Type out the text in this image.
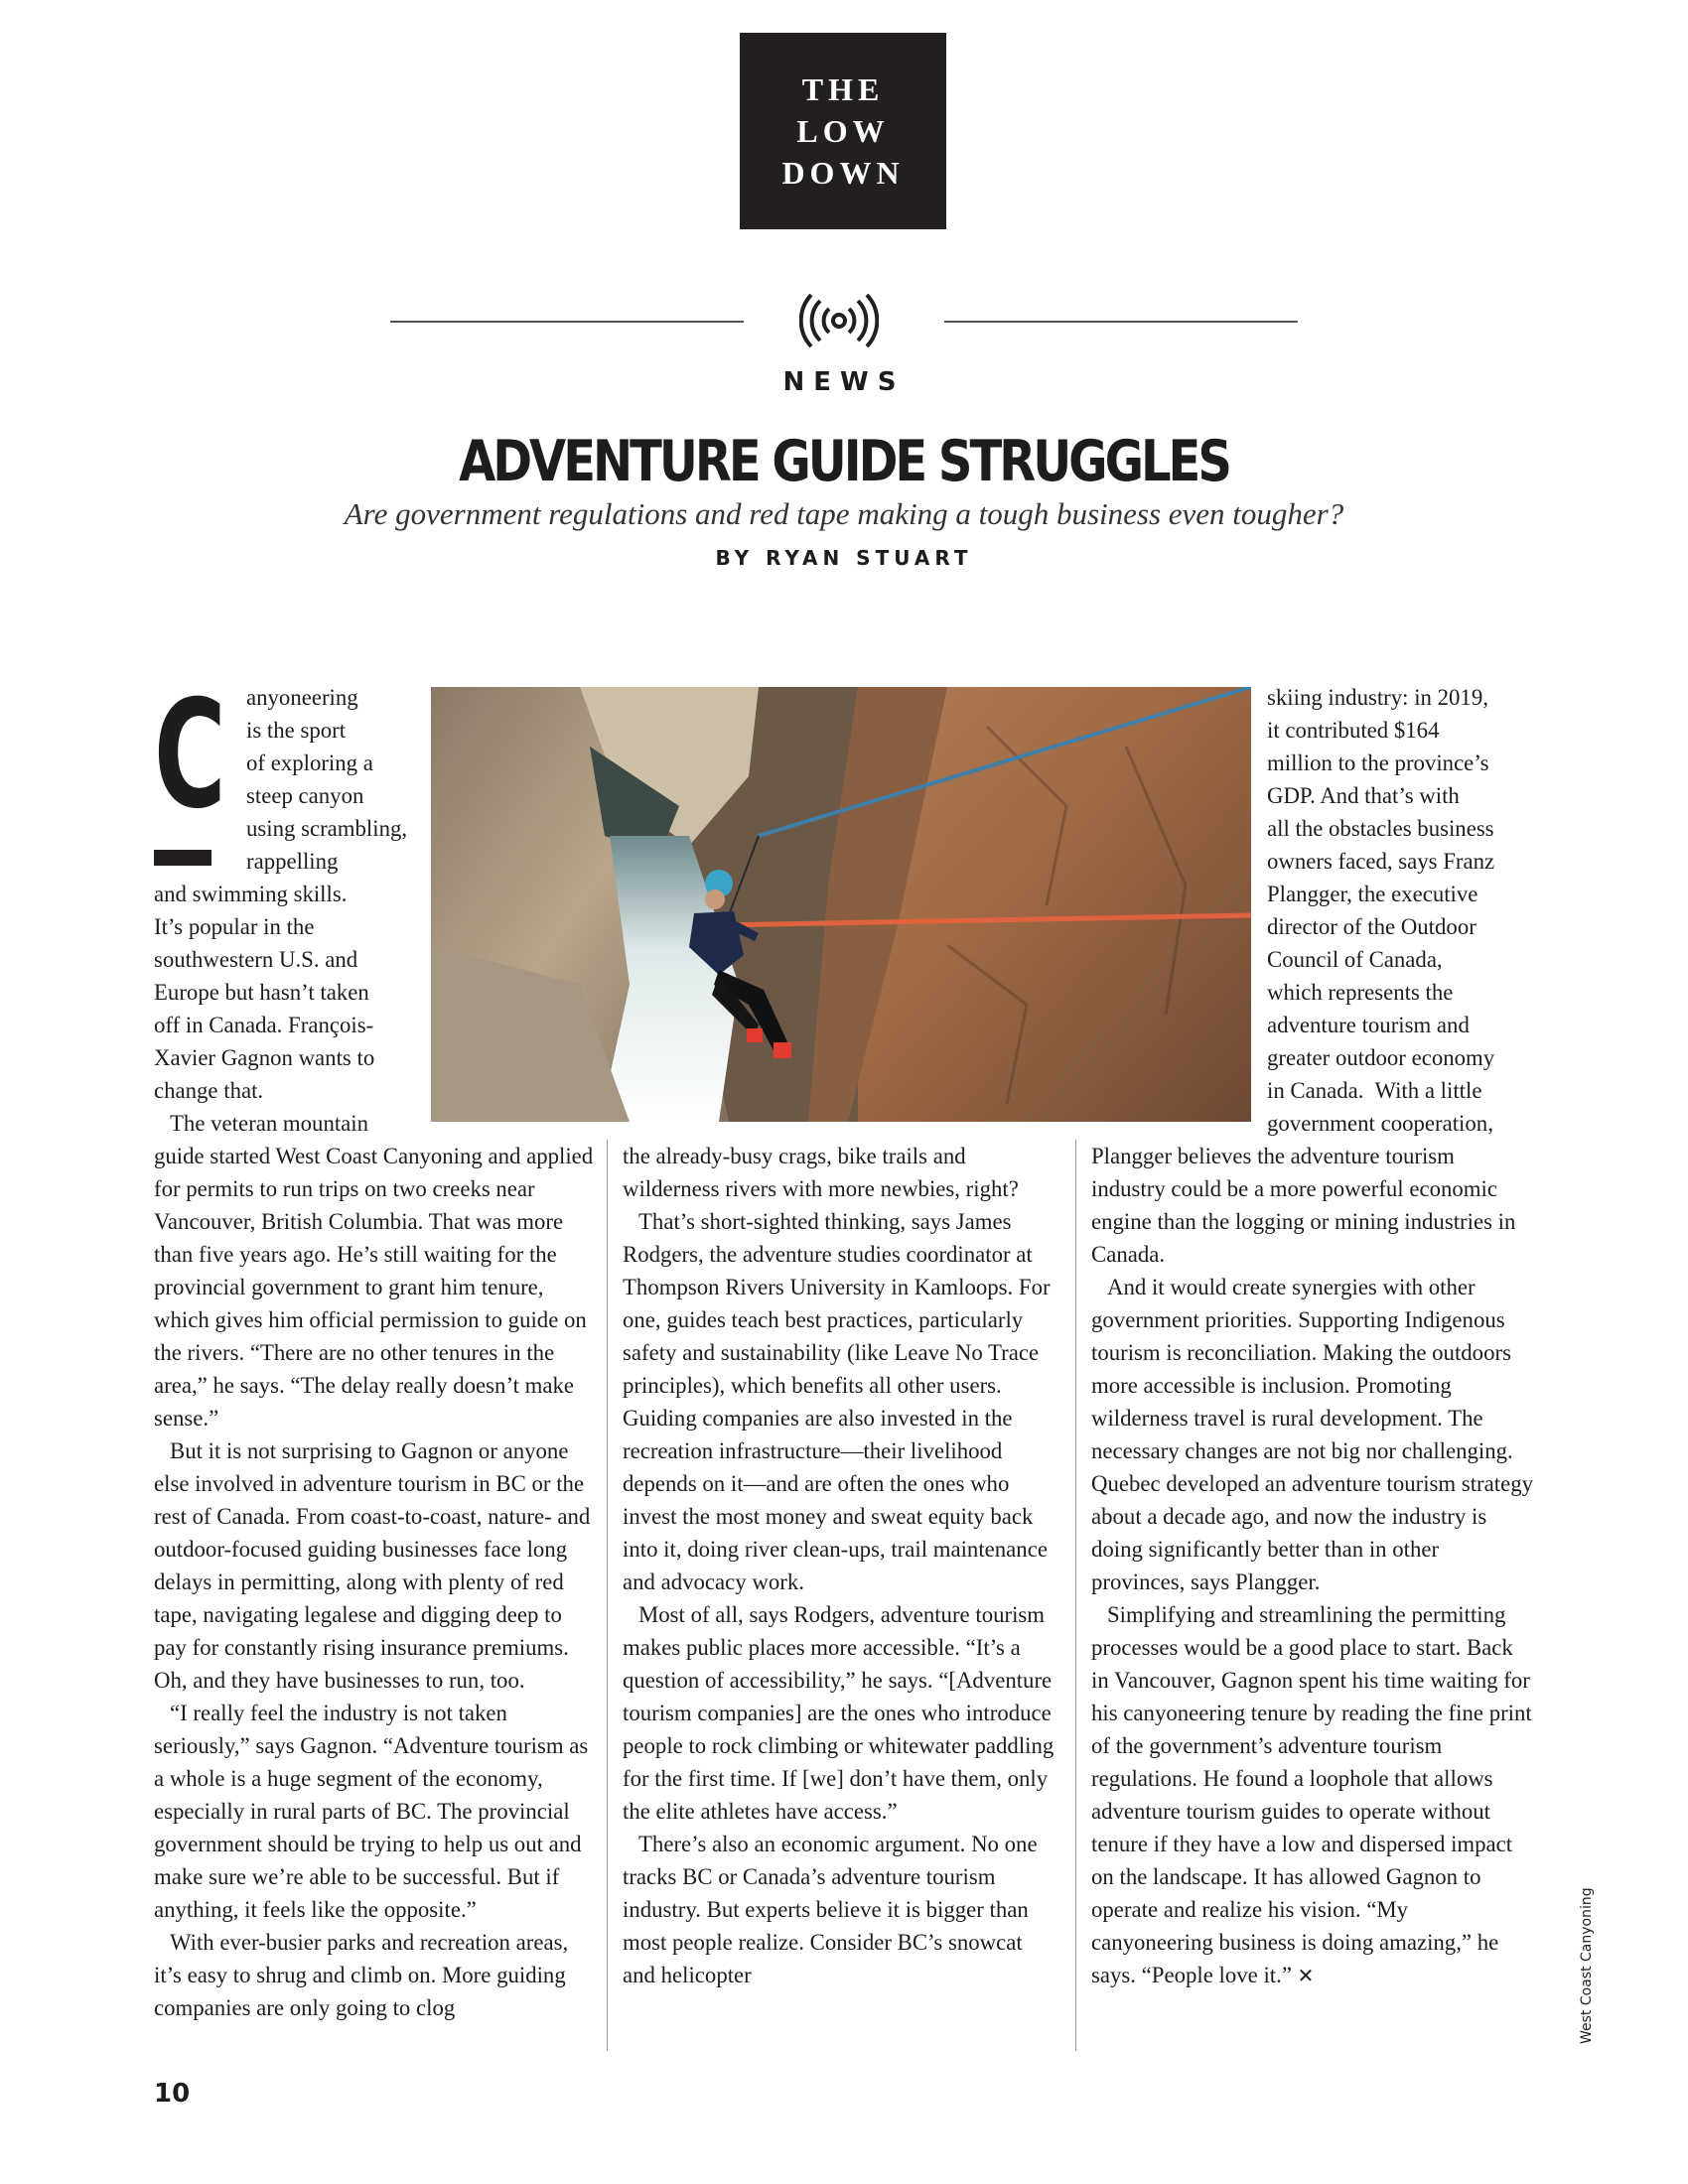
THE
LOW
DOWN
NEWS
ADVENTURE GUIDE STRUGGLES
Are government regulations and red tape making a tough business even tougher?
BY RYAN STUART
C anyoneering
is the sport
of exploring a
steep canyon
using scrambling,
rappelling
and swimming skills.
It’s popular in the
southwestern U.S. and
Europe but hasn’t taken
off in Canada. François-
Xavier Gagnon wants to
change that.
The veteran mountain

guide started West Coast Canyoning and applied for permits to run trips on two creeks near Vancouver, British Columbia. That was more than five years ago. He’s still waiting for the provincial government to grant him tenure, which gives him official permission to guide on the rivers. “There are no other tenures in the area,” he says. “The delay really doesn’t make sense.”

But it is not surprising to Gagnon or anyone else involved in adventure tourism in BC or the rest of Canada. From coast-to-coast, nature- and outdoor-focused guiding businesses face long delays in permitting, along with plenty of red tape, navigating legalese and digging deep to pay for constantly rising insurance premiums. Oh, and they have businesses to run, too.

“I really feel the industry is not taken seriously,” says Gagnon. “Adventure tourism as a whole is a huge segment of the economy, especially in rural parts of BC. The provincial government should be trying to help us out and make sure we’re able to be successful. But if anything, it feels like the opposite.”

With ever-busier parks and recreation areas, it’s easy to shrug and climb on. More guiding companies are only going to clog

the already-busy crags, bike trails and wilderness rivers with more newbies, right?

That’s short-sighted thinking, says James Rodgers, the adventure studies coordinator at Thompson Rivers University in Kamloops. For one, guides teach best practices, particularly safety and sustainability (like Leave No Trace principles), which benefits all other users. Guiding companies are also invested in the recreation infrastructure—their livelihood depends on it—and are often the ones who invest the most money and sweat equity back into it, doing river clean-ups, trail maintenance and advocacy work.

Most of all, says Rodgers, adventure tourism makes public places more accessible. “It’s a question of accessibility,” he says. “[Adventure tourism companies] are the ones who introduce people to rock climbing or whitewater paddling for the first time. If [we] don’t have them, only the elite athletes have access.”

There’s also an economic argument. No one tracks BC or Canada’s adventure tourism industry. But experts believe it is bigger than most people realize. Consider BC’s snowcat and helicopter

skiing industry: in 2019,
it contributed $164
million to the province’s
GDP. And that’s with
all the obstacles business
owners faced, says Franz
Plangger, the executive
director of the Outdoor
Council of Canada,
which represents the
adventure tourism and
greater outdoor economy
in Canada.  With a little
government cooperation,

Plangger believes the adventure tourism industry could be a more powerful economic engine than the logging or mining industries in Canada.

And it would create synergies with other government priorities. Supporting Indigenous tourism is reconciliation. Making the outdoors more accessible is inclusion. Promoting wilderness travel is rural development. The necessary changes are not big nor challenging. Quebec developed an adventure tourism strategy about a decade ago, and now the industry is doing significantly better than in other provinces, says Plangger.

Simplifying and streamlining the permitting processes would be a good place to start. Back in Vancouver, Gagnon spent his time waiting for his canyoneering tenure by reading the fine print of the government’s adventure tourism regulations. He found a loophole that allows adventure tourism guides to operate without tenure if they have a low and dispersed impact on the landscape. It has allowed Gagnon to operate and realize his vision. “My canyoneering business is doing amazing,” he says. “People love it.” ✕	West Coast Canyoning
10
